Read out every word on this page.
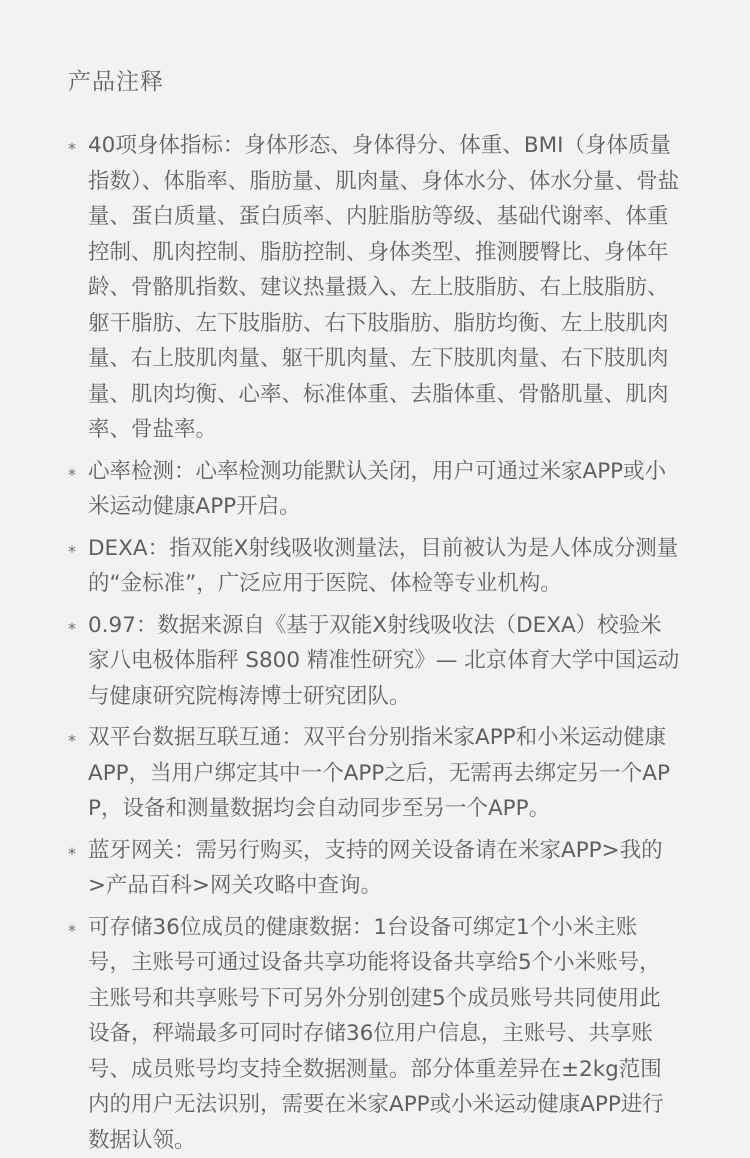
产品注释
* 40项身体指标：身体形态、身体得分、体重、BMI（身体质量指数）、体脂率、脂肪量、肌肉量、身体水分、体水分量、骨盐量、蛋白质量、蛋白质率、内脏脂肪等级、基础代谢率、体重控制、肌肉控制、脂肪控制、身体类型、推测腰臀比、身体年龄、骨骼肌指数、建议热量摄入、左上肢脂肪、右上肢脂肪、躯干脂肪、左下肢脂肪、右下肢脂肪、脂肪均衡、左上肢肌肉量、右上肢肌肉量、躯干肌肉量、左下肢肌肉量、右下肢肌肉量、肌肉均衡、心率、标准体重、去脂体重、骨骼肌量、肌肉率、骨盐率。
* 心率检测：心率检测功能默认关闭，用户可通过米家APP或小米运动健康APP开启。
* DEXA：指双能X射线吸收测量法，目前被认为是人体成分测量的“金标准”，广泛应用于医院、体检等专业机构。
* 0.97：数据来源自《基于双能X射线吸收法（DEXA）校验米家八电极体脂秤 S800 精准性研究》— 北京体育大学中国运动与健康研究院梅涛博士研究团队。
* 双平台数据互联互通：双平台分别指米家APP和小米运动健康APP，当用户绑定其中一个APP之后，无需再去绑定另一个APP，设备和测量数据均会自动同步至另一个APP。
* 蓝牙网关：需另行购买，支持的网关设备请在米家APP>我的>产品百科>网关攻略中查询。
* 可存储36位成员的健康数据：1台设备可绑定1个小米主账号，主账号可通过设备共享功能将设备共享给5个小米账号，主账号和共享账号下可另外分别创建5个成员账号共同使用此设备，秤端最多可同时存储36位用户信息，主账号、共享账号、成员账号均支持全数据测量。部分体重差异在±2kg范围内的用户无法识别，需要在米家APP或小米运动健康APP进行数据认领。
